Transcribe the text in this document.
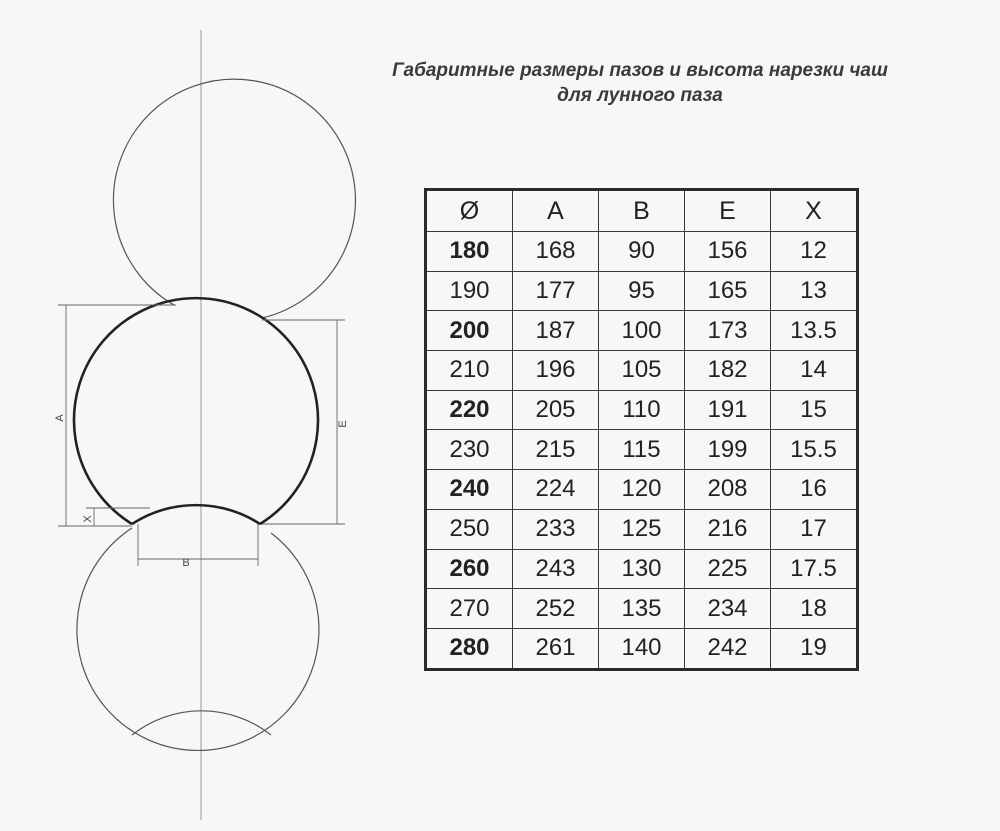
A
X
E
B
Габаритные размеры пазов и высота нарезки чаш
для лунного паза
Ø	A	B	E	X
180	168	90	156	12
190	177	95	165	13
200	187	100	173	13.5
210	196	105	182	14
220	205	110	191	15
230	215	115	199	15.5
240	224	120	208	16
250	233	125	216	17
260	243	130	225	17.5
270	252	135	234	18
280	261	140	242	19
